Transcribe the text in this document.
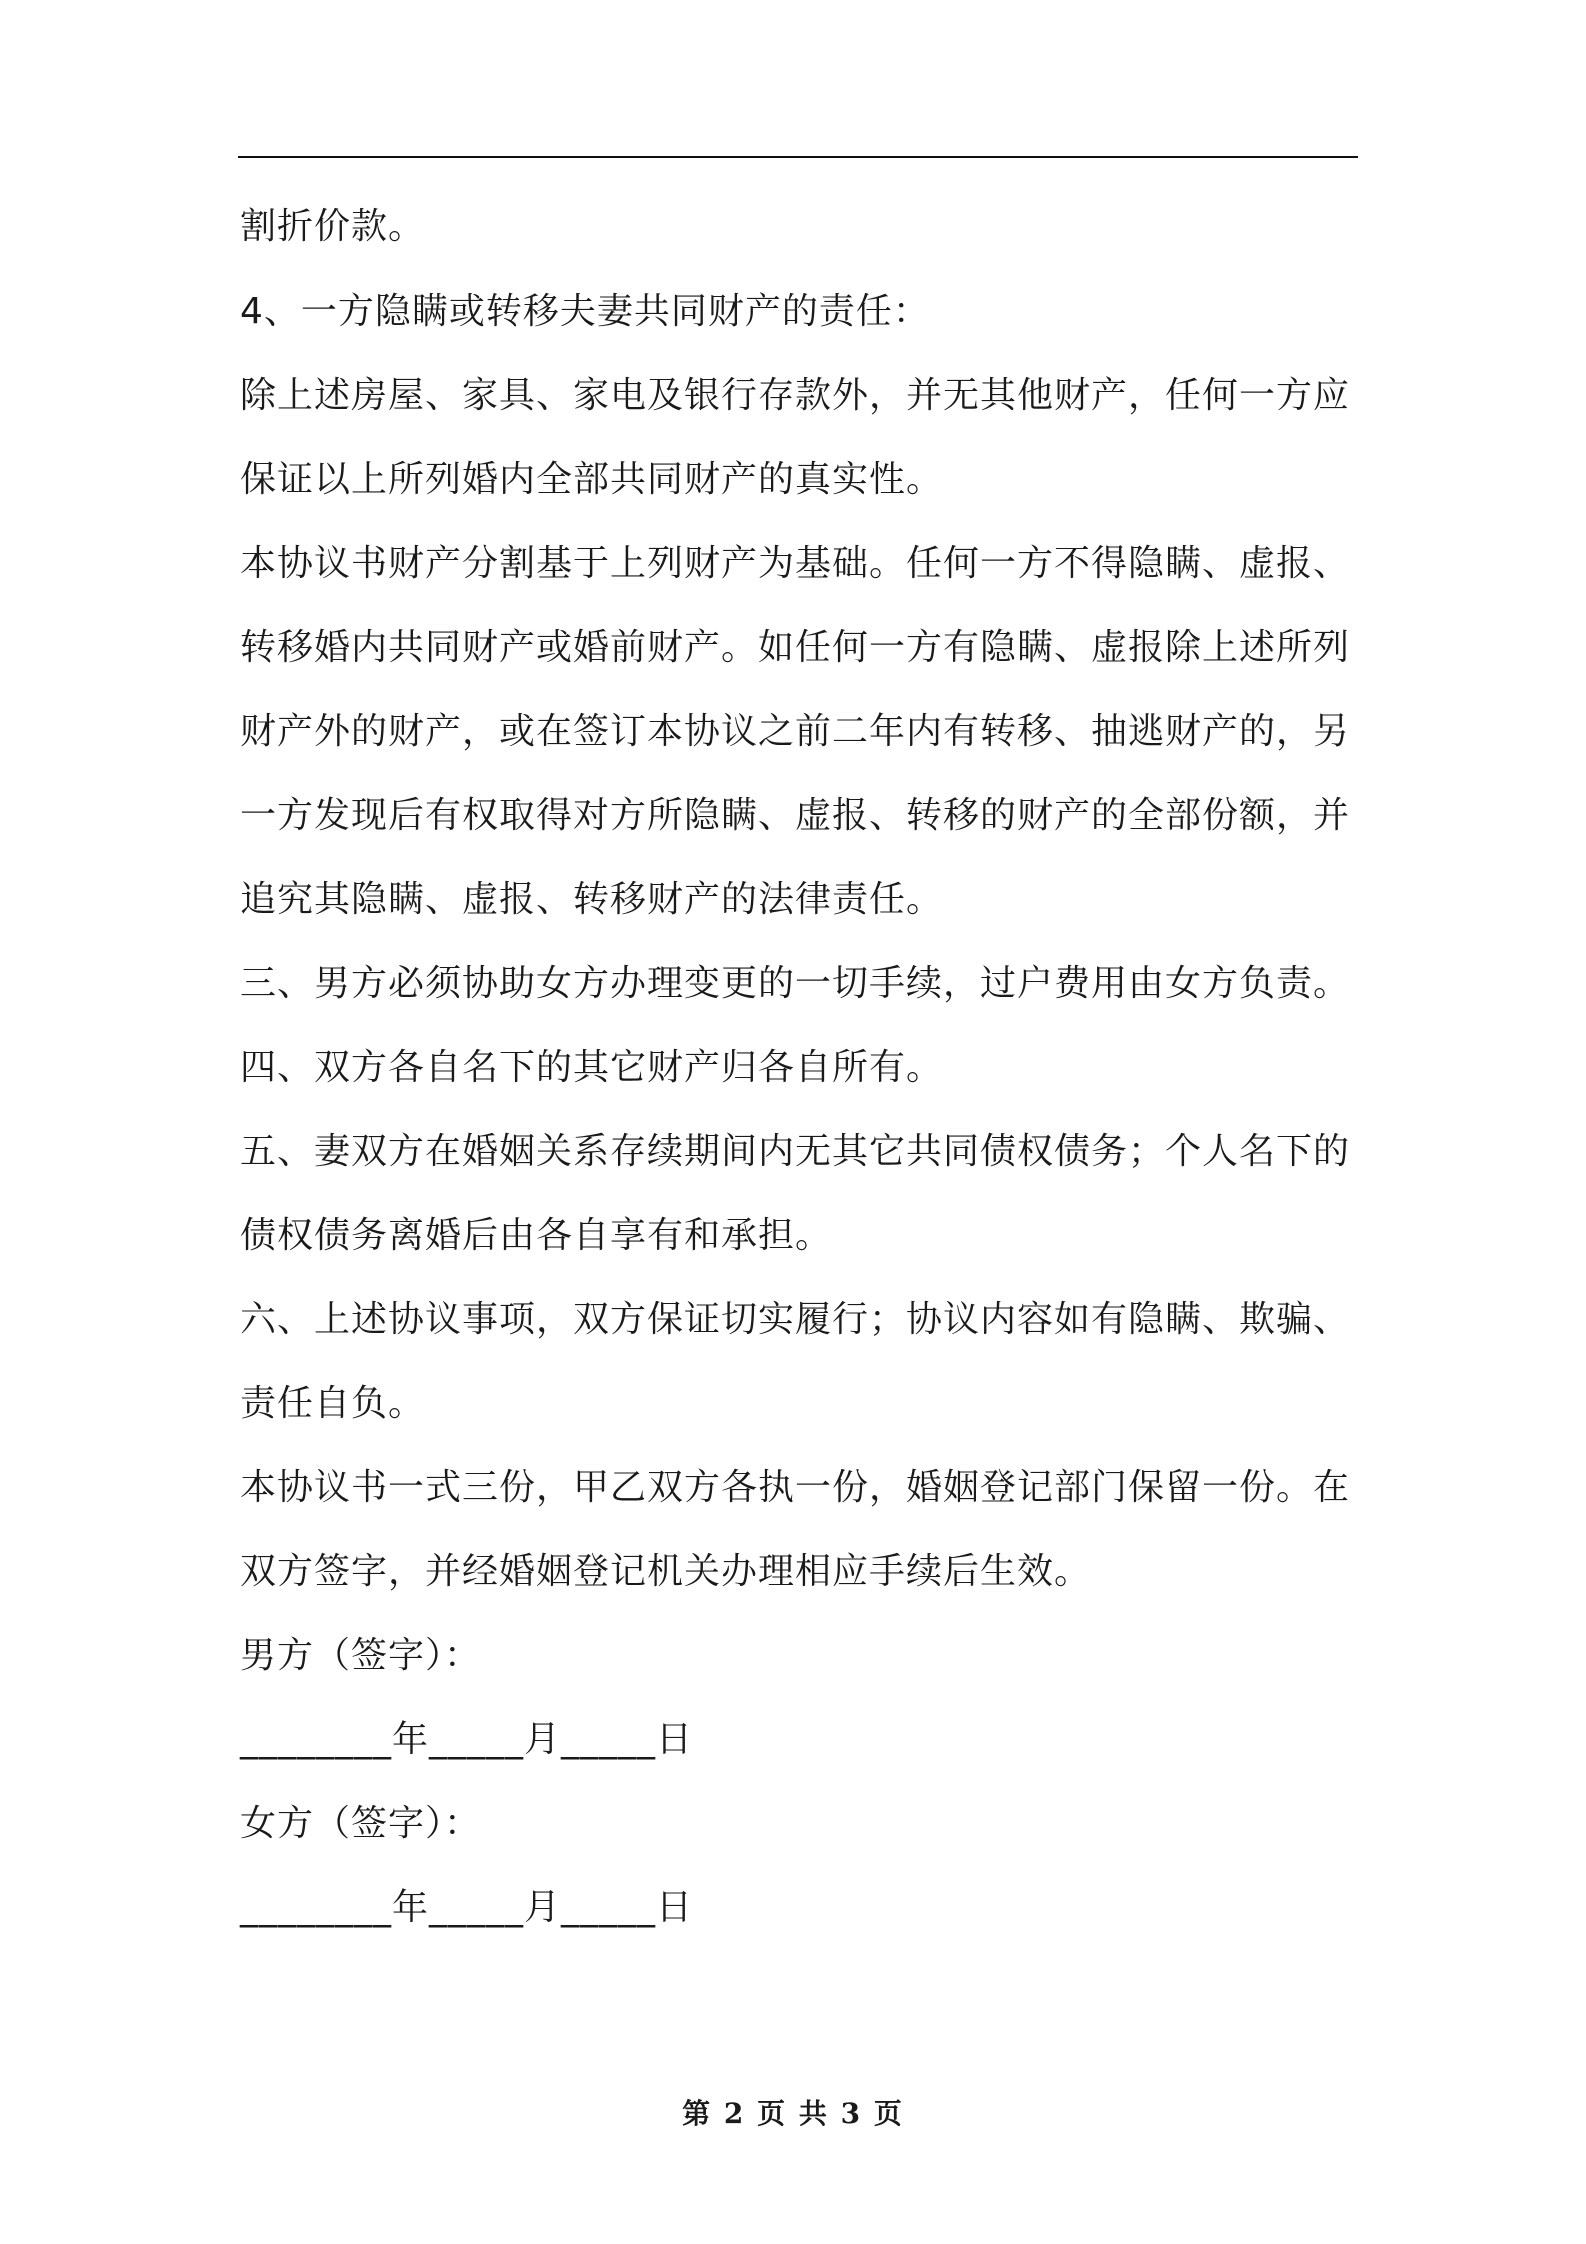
割折价款。
4、一方隐瞒或转移夫妻共同财产的责任：
除上述房屋、家具、家电及银行存款外，并无其他财产，任何一方应
保证以上所列婚内全部共同财产的真实性。
本协议书财产分割基于上列财产为基础。任何一方不得隐瞒、虚报、
转移婚内共同财产或婚前财产。如任何一方有隐瞒、虚报除上述所列
财产外的财产，或在签订本协议之前二年内有转移、抽逃财产的，另
一方发现后有权取得对方所隐瞒、虚报、转移的财产的全部份额，并
追究其隐瞒、虚报、转移财产的法律责任。
三、男方必须协助女方办理变更的一切手续，过户费用由女方负责。
四、双方各自名下的其它财产归各自所有。
五、妻双方在婚姻关系存续期间内无其它共同债权债务；个人名下的
债权债务离婚后由各自享有和承担。
六、上述协议事项，双方保证切实履行；协议内容如有隐瞒、欺骗、
责任自负。
本协议书一式三份，甲乙双方各执一份，婚姻登记部门保留一份。在
双方签字，并经婚姻登记机关办理相应手续后生效。
男方（签字）：
________年_____月_____日
女方（签字）：
________年_____月_____日
第 2 页 共 3 页
